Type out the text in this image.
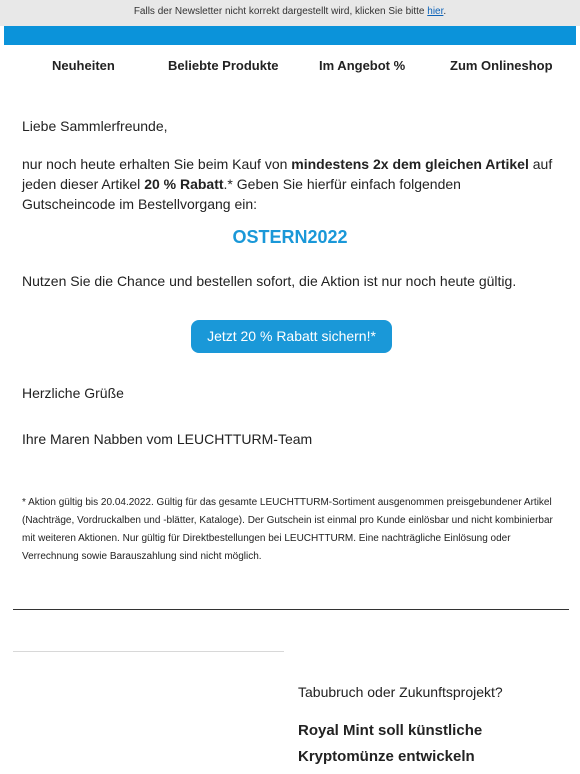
Falls der Newsletter nicht korrekt dargestellt wird, klicken Sie bitte hier.
Neuheiten	Beliebte Produkte	Im Angebot %	Zum Onlineshop
Liebe Sammlerfreunde,
nur noch heute erhalten Sie beim Kauf von mindestens 2x dem gleichen Artikel auf jeden dieser Artikel 20 % Rabatt.* Geben Sie hierfür einfach folgenden Gutscheincode im Bestellvorgang ein:
OSTERN2022
Nutzen Sie die Chance und bestellen sofort, die Aktion ist nur noch heute gültig.
Jetzt 20 % Rabatt sichern!*
Herzliche Grüße
Ihre Maren Nabben vom LEUCHTTURM-Team
* Aktion gültig bis 20.04.2022. Gültig für das gesamte LEUCHTTURM-Sortiment ausgenommen preisgebundener Artikel (Nachträge, Vordruckalben und -blätter, Kataloge). Der Gutschein ist einmal pro Kunde einlösbar und nicht kombinierbar mit weiteren Aktionen. Nur gültig für Direktbestellungen bei LEUCHTTURM. Eine nachträgliche Einlösung oder Verrechnung sowie Barauszahlung sind nicht möglich.
Tabubruch oder Zukunftsprojekt?
Royal Mint soll künstliche Kryptomünze entwickeln
